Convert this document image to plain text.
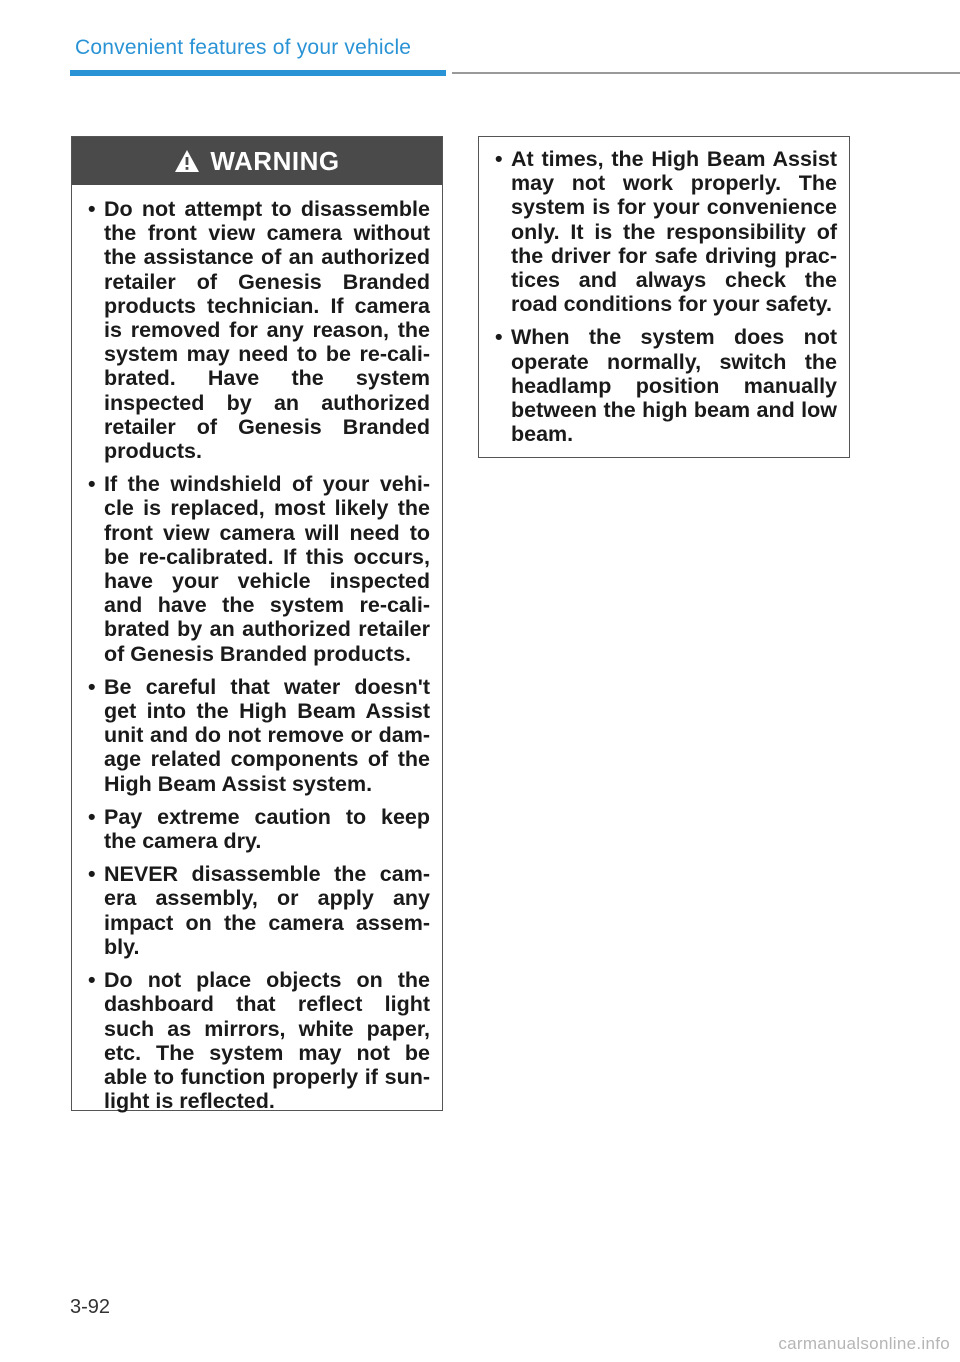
Convenient features of your vehicle
WARNING
• Do not attempt to disassemble the front view camera without the assistance of an authorized retailer of Genesis Branded products technician. If camera is removed for any reason, the system may need to be re-cali-brated. Have the system inspected by an authorized retailer of Genesis Branded products.
• If the windshield of your vehi-cle is replaced, most likely the front view camera will need to be re-calibrated. If this occurs, have your vehicle inspected and have the system re-cali-brated by an authorized retailer of Genesis Branded products.
• Be careful that water doesn't get into the High Beam Assist unit and do not remove or dam-age related components of the High Beam Assist system.
• Pay extreme caution to keep the camera dry.
• NEVER disassemble the cam-era assembly, or apply any impact on the camera assem-bly.
• Do not place objects on the dashboard that reflect light such as mirrors, white paper, etc. The system may not be able to function properly if sun-light is reflected.
• At times, the High Beam Assist may not work properly. The system is for your convenience only. It is the responsibility of the driver for safe driving prac-tices and always check the road conditions for your safety.
• When the system does not operate normally, switch the headlamp position manually between the high beam and low beam.
3-92
carmanualsonline.info
